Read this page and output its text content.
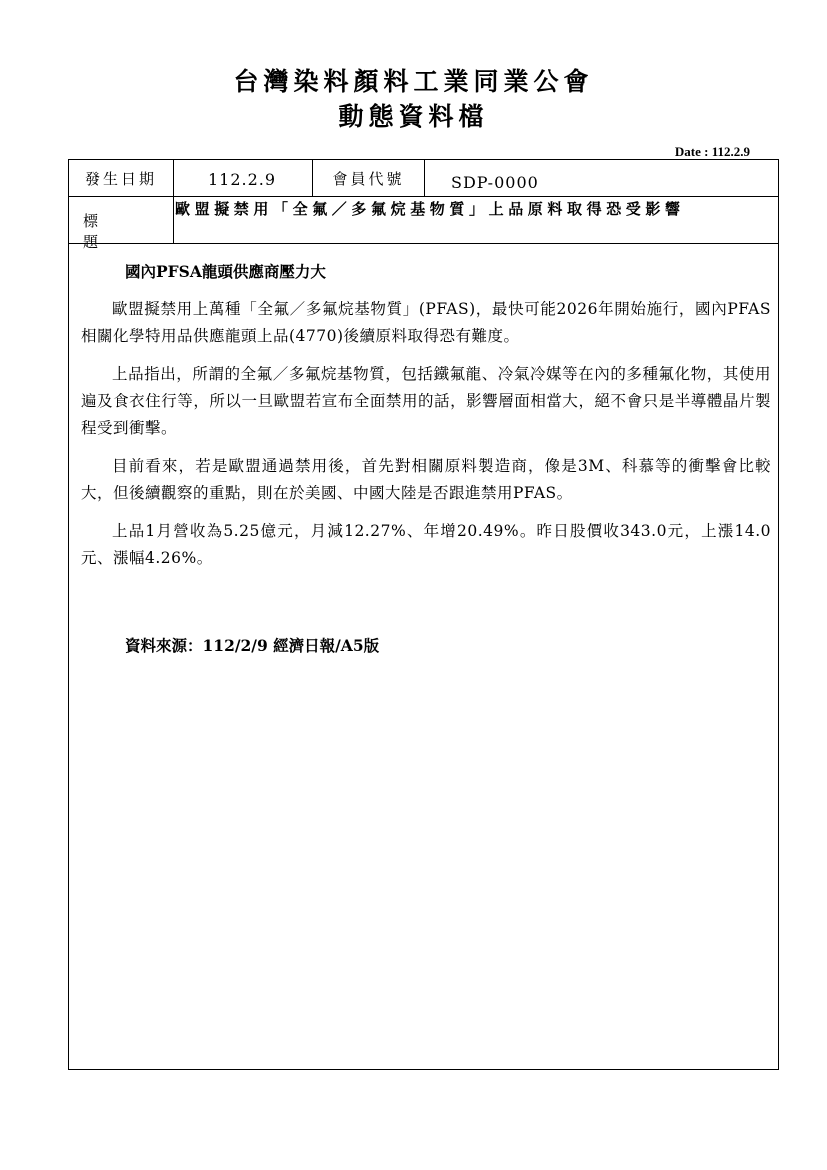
台灣染料顏料工業同業公會
動態資料檔
Date : 112.2.9
發生日期	112.2.9	會員代號	SDP-0000
標　題
歐盟擬禁用「全氟／多氟烷基物質」上品原料取得恐受影響

國內PFSA龍頭供應商壓力大

歐盟擬禁用上萬種「全氟／多氟烷基物質」(PFAS)，最快可能2026年開始施行，國內PFAS相關化學特用品供應龍頭上品(4770)後續原料取得恐有難度。

上品指出，所謂的全氟／多氟烷基物質，包括鐵氟龍、冷氣冷媒等在內的多種氟化物，其使用遍及食衣住行等，所以一旦歐盟若宣布全面禁用的話，影響層面相當大，絕不會只是半導體晶片製程受到衝擊。

目前看來，若是歐盟通過禁用後，首先對相關原料製造商，像是3M、科慕等的衝擊會比較大，但後續觀察的重點，則在於美國、中國大陸是否跟進禁用PFAS。

上品1月營收為5.25億元，月減12.27%、年增20.49%。昨日股價收343.0元，上漲14.0元、漲幅4.26%。

資料來源：112/2/9 經濟日報/A5版
